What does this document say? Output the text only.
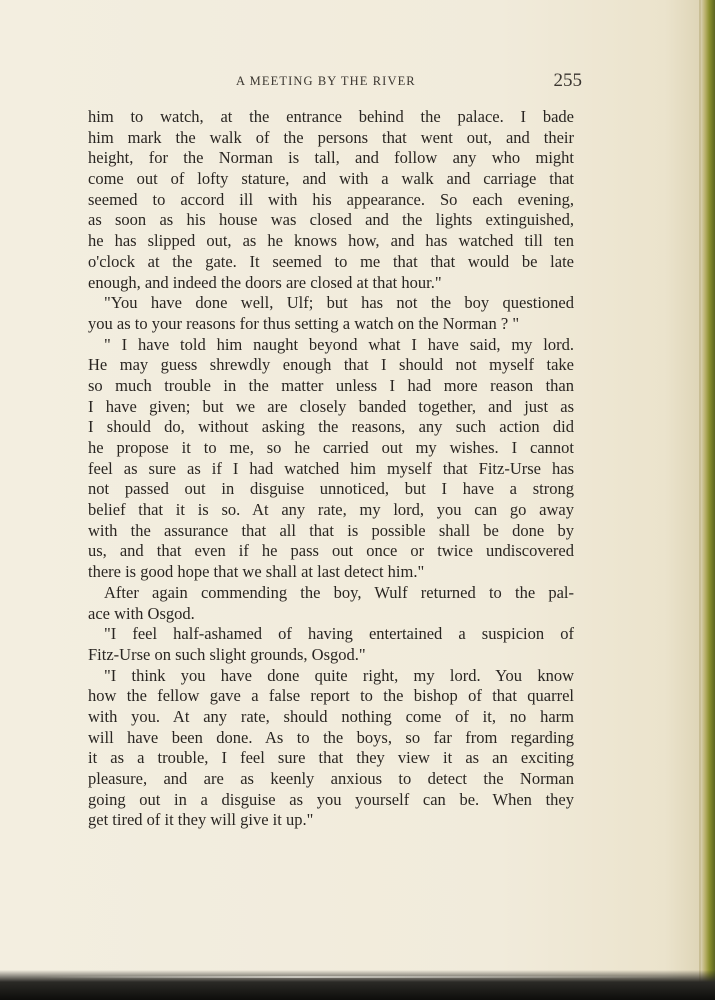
A MEETING BY THE RIVER	255
him to watch, at the entrance behind the palace. I bade
him mark the walk of the persons that went out, and their
height, for the Norman is tall, and follow any who might
come out of lofty stature, and with a walk and carriage that
seemed to accord ill with his appearance. So each evening,
as soon as his house was closed and the lights extinguished,
he has slipped out, as he knows how, and has watched till ten
o'clock at the gate. It seemed to me that that would be late
enough, and indeed the doors are closed at that hour."
"You have done well, Ulf; but has not the boy questioned
you as to your reasons for thus setting a watch on the Norman ? "
" I have told him naught beyond what I have said, my lord.
He may guess shrewdly enough that I should not myself take
so much trouble in the matter unless I had more reason than
I have given; but we are closely banded together, and just as
I should do, without asking the reasons, any such action did
he propose it to me, so he carried out my wishes. I cannot
feel as sure as if I had watched him myself that Fitz-Urse has
not passed out in disguise unnoticed, but I have a strong
belief that it is so. At any rate, my lord, you can go away
with the assurance that all that is possible shall be done by
us, and that even if he pass out once or twice undiscovered
there is good hope that we shall at last detect him."
After again commending the boy, Wulf returned to the pal-
ace with Osgod.
"I feel half-ashamed of having entertained a suspicion of
Fitz-Urse on such slight grounds, Osgod."
"I think you have done quite right, my lord. You know
how the fellow gave a false report to the bishop of that quarrel
with you. At any rate, should nothing come of it, no harm
will have been done. As to the boys, so far from regarding
it as a trouble, I feel sure that they view it as an exciting
pleasure, and are as keenly anxious to detect the Norman
going out in a disguise as you yourself can be. When they
get tired of it they will give it up."
